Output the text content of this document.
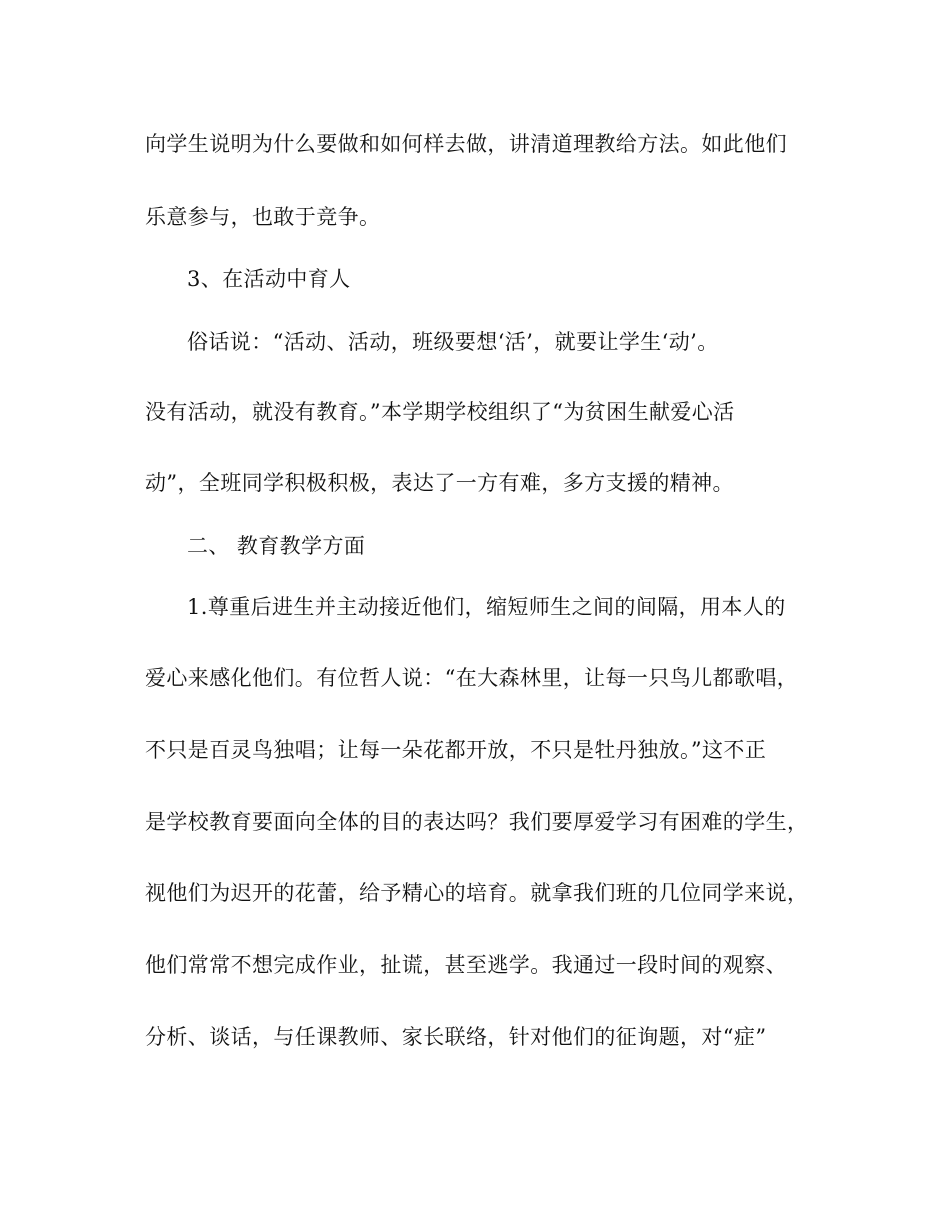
向学生说明为什么要做和如何样去做，讲清道理教给方法。如此他们
乐意参与，也敢于竞争。
3、在活动中育人
俗话说：“活动、活动，班级要想‘活’，就要让学生‘动’。
没有活动，就没有教育。”本学期学校组织了“为贫困生献爱心活
动”，全班同学积极积极，表达了一方有难，多方支援的精神。
二、 教育教学方面
1.尊重后进生并主动接近他们，缩短师生之间的间隔，用本人的
爱心来感化他们。有位哲人说：“在大森林里，让每一只鸟儿都歌唱，
不只是百灵鸟独唱；让每一朵花都开放，不只是牡丹独放。”这不正
是学校教育要面向全体的目的表达吗？我们要厚爱学习有困难的学生，
视他们为迟开的花蕾，给予精心的培育。就拿我们班的几位同学来说，
他们常常不想完成作业，扯谎，甚至逃学。我通过一段时间的观察、
分析、谈话，与任课教师、家长联络，针对他们的征询题，对“症”
